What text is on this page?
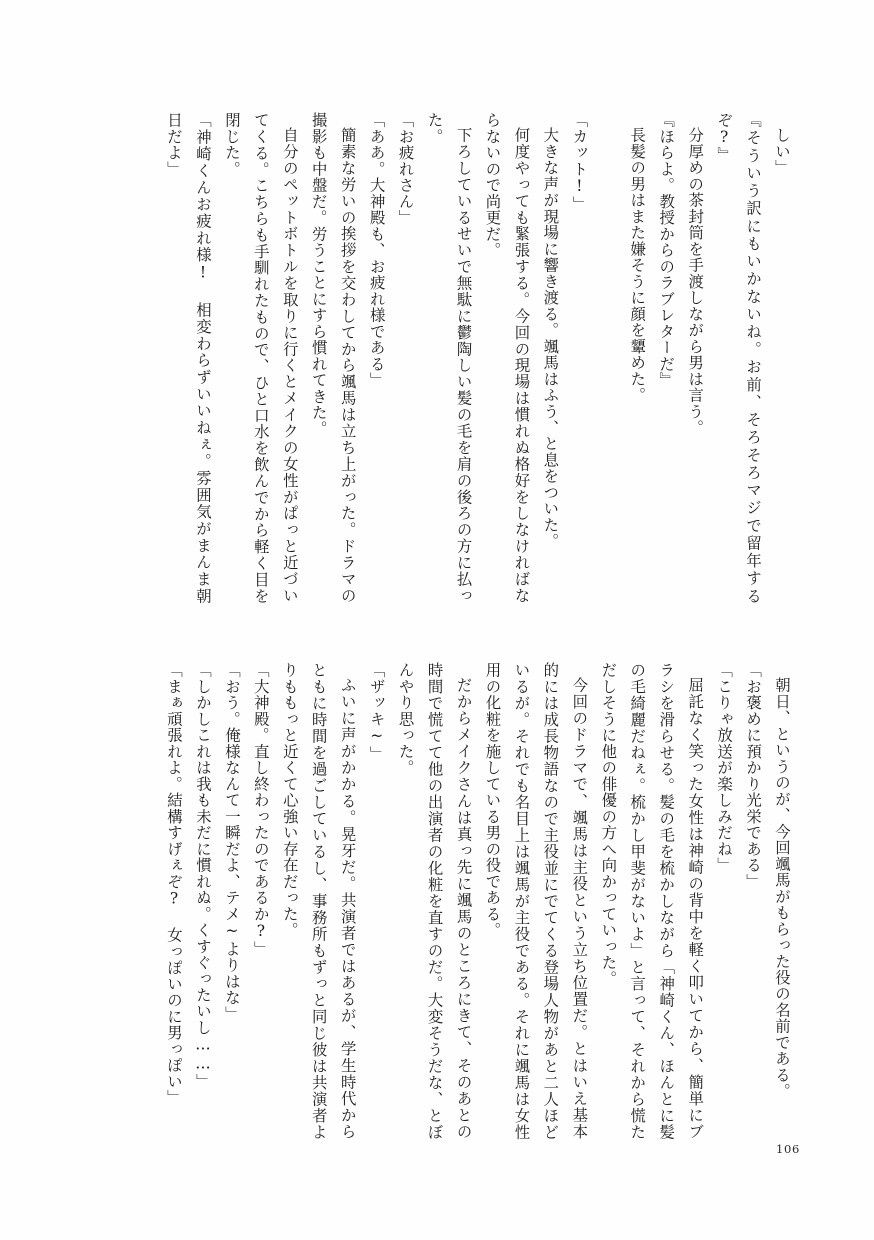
しい」

『そういう訳にもいかないね。お前、そろそろマジで留年するぞ?』

分厚めの茶封筒を手渡しながら男は言う。

『ほらよ。教授からのラブレターだ』

長髪の男はまた嫌そうに顔を顰めた。

「カット!」

大きな声が現場に響き渡る。颯馬はふう、と息をついた。

何度やっても緊張する。今回の現場は慣れぬ格好をしなければならないので尚更だ。

下ろしているせいで無駄に鬱陶しい髪の毛を肩の後ろの方に払った。

「お疲れさん」

「ああ。大神殿も、お疲れ様である」

簡素な労いの挨拶を交わしてから颯馬は立ち上がった。ドラマの撮影も中盤だ。労うことにすら慣れてきた。

自分のペットボトルを取りに行くとメイクの女性がぱっと近づいてくる。こちらも手馴れたもので、ひと口水を飲んでから軽く目を閉じた。

「神崎くんお疲れ様! 相変わらずいいねぇ。雰囲気がまんま朝日だよ」

朝日、というのが、今回颯馬がもらった役の名前である。

「お褒めに預かり光栄である」

「こりゃ放送が楽しみだね」

屈託なく笑った女性は神崎の背中を軽く叩いてから、簡単にブラシを滑らせる。髪の毛を梳かしながら「神崎くん、ほんとに髪の毛綺麗だねぇ。梳かし甲斐がないよ」と言って、それから慌ただしそうに他の俳優の方へ向かっていった。

今回のドラマで、颯馬は主役という立ち位置だ。とはいえ基本的には成長物語なので主役並にでてくる登場人物があと二人ほどいるが。それでも名目上は颯馬が主役である。それに颯馬は女性用の化粧を施している男の役である。

だからメイクさんは真っ先に颯馬のところにきて、そのあとの時間で慌てて他の出演者の化粧を直すのだ。大変そうだな、とぼんやり思った。

「ザッキ~」

ふいに声がかかる。晃牙だ。共演者ではあるが、学生時代からともに時間を過ごしているし、事務所もずっと同じ彼は共演者よりももっと近くて心強い存在だった。

「大神殿。直し終わったのであるか?」

「おう。俺様なんて一瞬だよ、テメ~よりはな」

「しかしこれは我も未だに慣れぬ。くすぐったいし……」

「まぁ頑張れよ。結構すげぇぞ? 女っぽいのに男っぽい」

106
